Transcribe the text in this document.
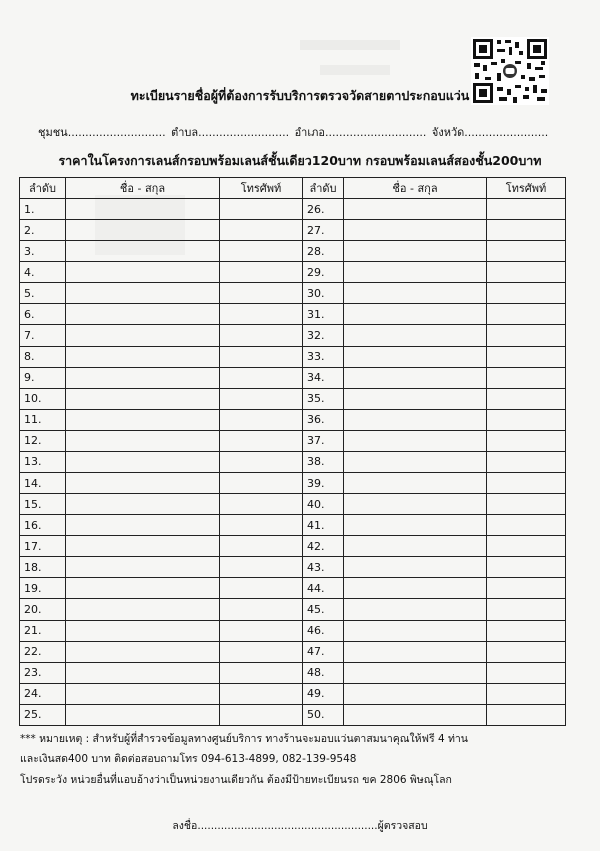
ทะเบียนรายชื่อผู้ที่ต้องการรับบริการตรวจวัดสายตาประกอบแว่น
ชุมชน............................ ตำบล.......................... อำเภอ............................. จังหวัด........................
ราคาในโครงการเลนส์กรอบพร้อมเลนส์ชั้นเดียว120บาท กรอบพร้อมเลนส์สองชั้น200บาท
ลำดับ	ชื่อ - สกุล	โทรศัพท์	ลำดับ	ชื่อ - สกุล	โทรศัพท์
1.			26.		
2.			27.		
3.			28.		
4.			29.		
5.			30.		
6.			31.		
7.			32.		
8.			33.		
9.			34.		
10.			35.		
11.			36.		
12.			37.		
13.			38.		
14.			39.		
15.			40.		
16.			41.		
17.			42.		
18.			43.		
19.			44.		
20.			45.		
21.			46.		
22.			47.		
23.			48.		
24.			49.		
25.			50.		
*** หมายเหตุ : สำหรับผู้ที่สำรวจข้อมูลทางศูนย์บริการ ทางร้านจะมอบแว่นตาสมนาคุณให้ฟรี 4 ท่าน
และเงินสด400 บาท ติดต่อสอบถามโทร 094-613-4899, 082-139-9548
โปรดระวัง หน่วยอื่นที่แอบอ้างว่าเป็นหน่วยงานเดียวกัน ต้องมีป้ายทะเบียนรถ ขค 2806 พิษณุโลก
ลงชื่อ......................................................ผู้ตรวจสอบ
